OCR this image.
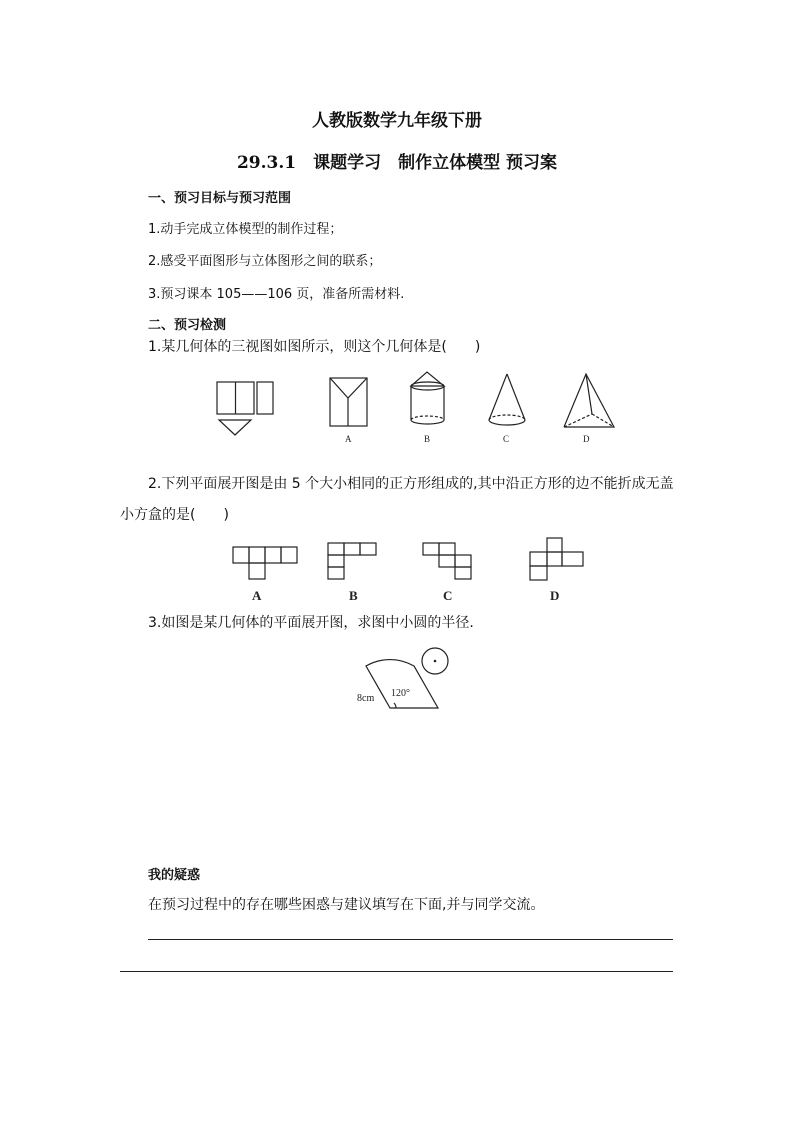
人教版数学九年级下册
29.3.1　课题学习　制作立体模型 预习案
一、预习目标与预习范围
1.动手完成立体模型的制作过程；
2.感受平面图形与立体图形之间的联系；
3.预习课本 105——106 页，准备所需材料.
二、预习检测
1.某几何体的三视图如图所示，则这个几何体是(　　)
A	B	C	D
2.下列平面展开图是由 5 个大小相同的正方形组成的,其中沿正方形的边不能折成无盖
小方盒的是(　　)
A	B	C	D
3.如图是某几何体的平面展开图，求图中小圆的半径.
8cm 120°
我的疑惑
在预习过程中的存在哪些困惑与建议填写在下面,并与同学交流。
